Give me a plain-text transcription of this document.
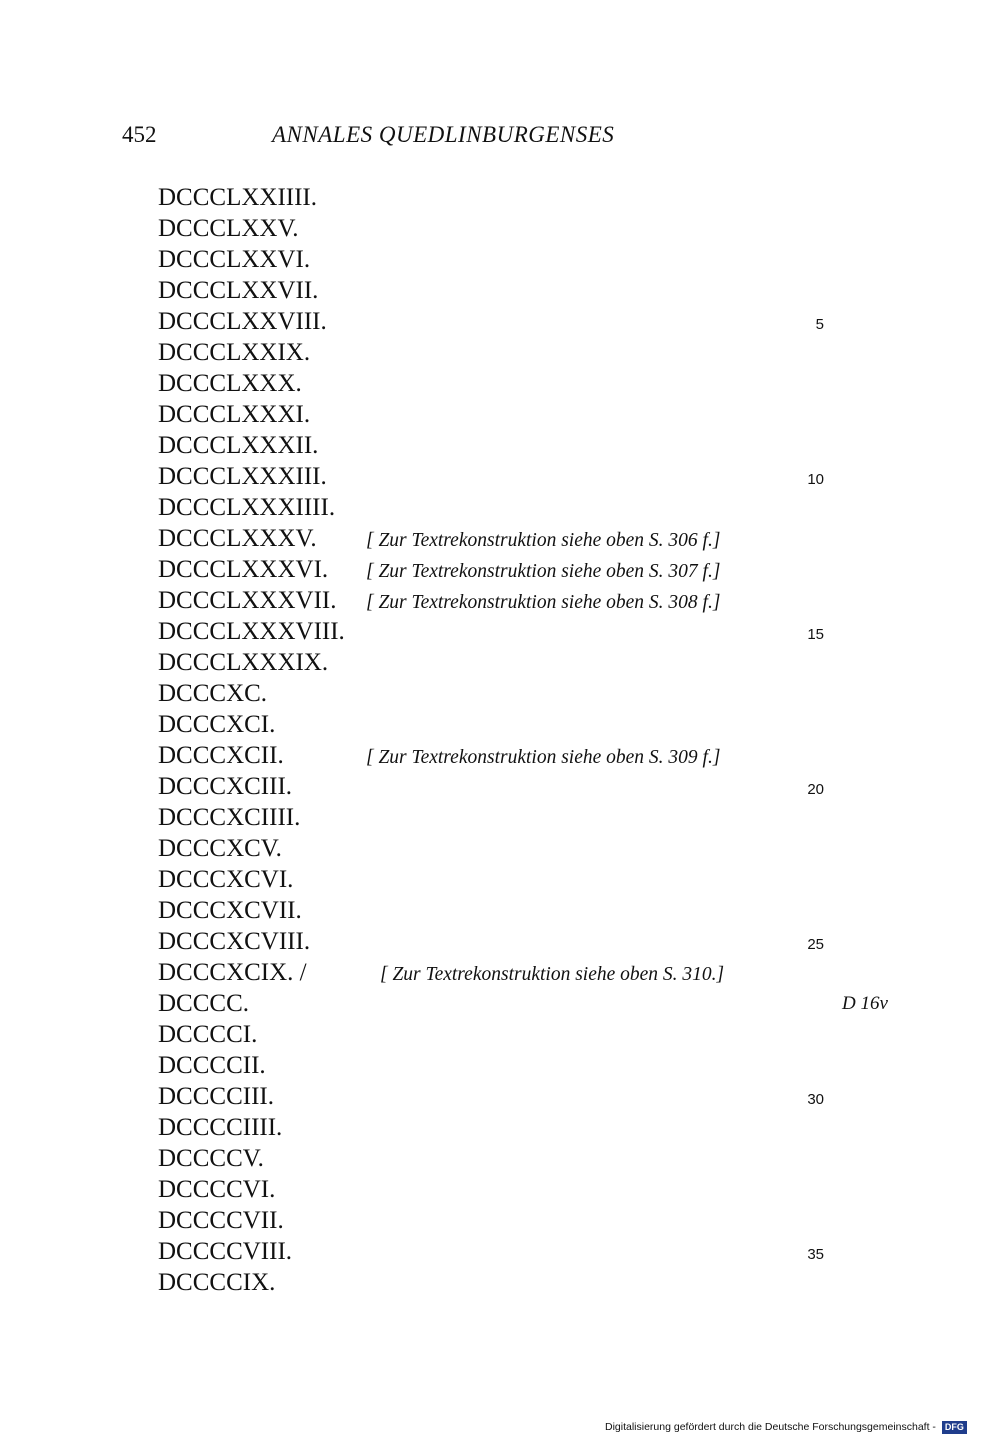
452	ANNALES QUEDLINBURGENSES
DCCCLXXIIII.
DCCCLXXV.
DCCCLXXVI.
DCCCLXXVII.
DCCCLXXVIII.	5
DCCCLXXIX.
DCCCLXXX.
DCCCLXXXI.
DCCCLXXXII.
DCCCLXXXIII.	10
DCCCLXXXIIII.
DCCCLXXXV.	[ Zur Textrekonstruktion siehe oben S. 306 f.]
DCCCLXXXVI. [ Zur Textrekonstruktion siehe oben S. 307 f.]
DCCCLXXXVII. [ Zur Textrekonstruktion siehe oben S. 308 f.]
DCCCLXXXVIII.	15
DCCCLXXXIX.
DCCCXC.
DCCCXCI.
DCCCXCII.	[ Zur Textrekonstruktion siehe oben S. 309 f.]
DCCCXCIII.	20
DCCCXCIIII.
DCCCXCV.
DCCCXCVI.
DCCCXCVII.
DCCCXCVIII.	25
DCCCXCIX. /	[ Zur Textrekonstruktion siehe oben S. 310.]
DCCCC.	D 16v
DCCCCI.
DCCCCII.
DCCCCIII.	30
DCCCCIIII.
DCCCCV.
DCCCCVI.
DCCCCVII.
DCCCCVIII.	35
DCCCCIX.
Digitalisierung gefördert durch die Deutsche Forschungsgemeinschaft - DFG
